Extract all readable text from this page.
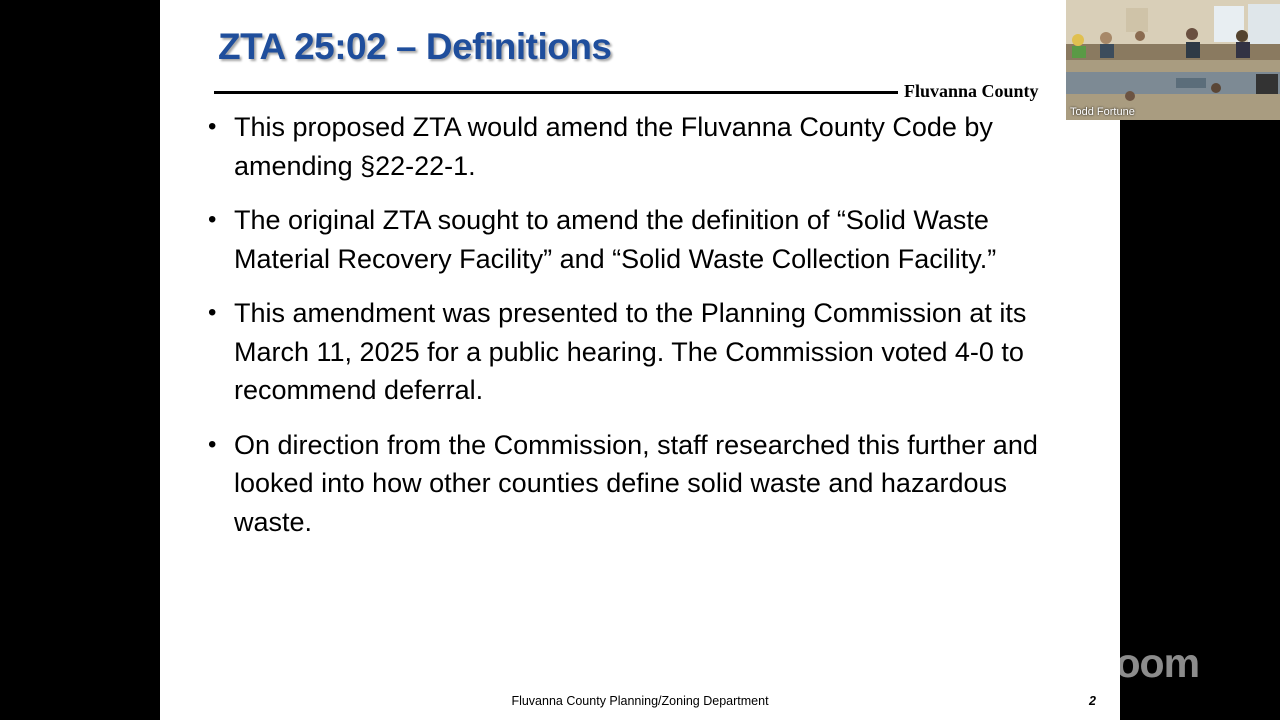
ZTA 25:02 – Definitions
Fluvanna County
• This proposed ZTA would amend the Fluvanna County Code by amending §22-22-1.
• The original ZTA sought to amend the definition of “Solid Waste Material Recovery Facility” and “Solid Waste Collection Facility.”
• This amendment was presented to the Planning Commission at its March 11, 2025 for a public hearing. The Commission voted 4-0 to recommend deferral.
• On direction from the Commission, staff researched this further and looked into how other counties define solid waste and hazardous waste.
Fluvanna County Planning/Zoning Department	2
Todd Fortune
zoom
